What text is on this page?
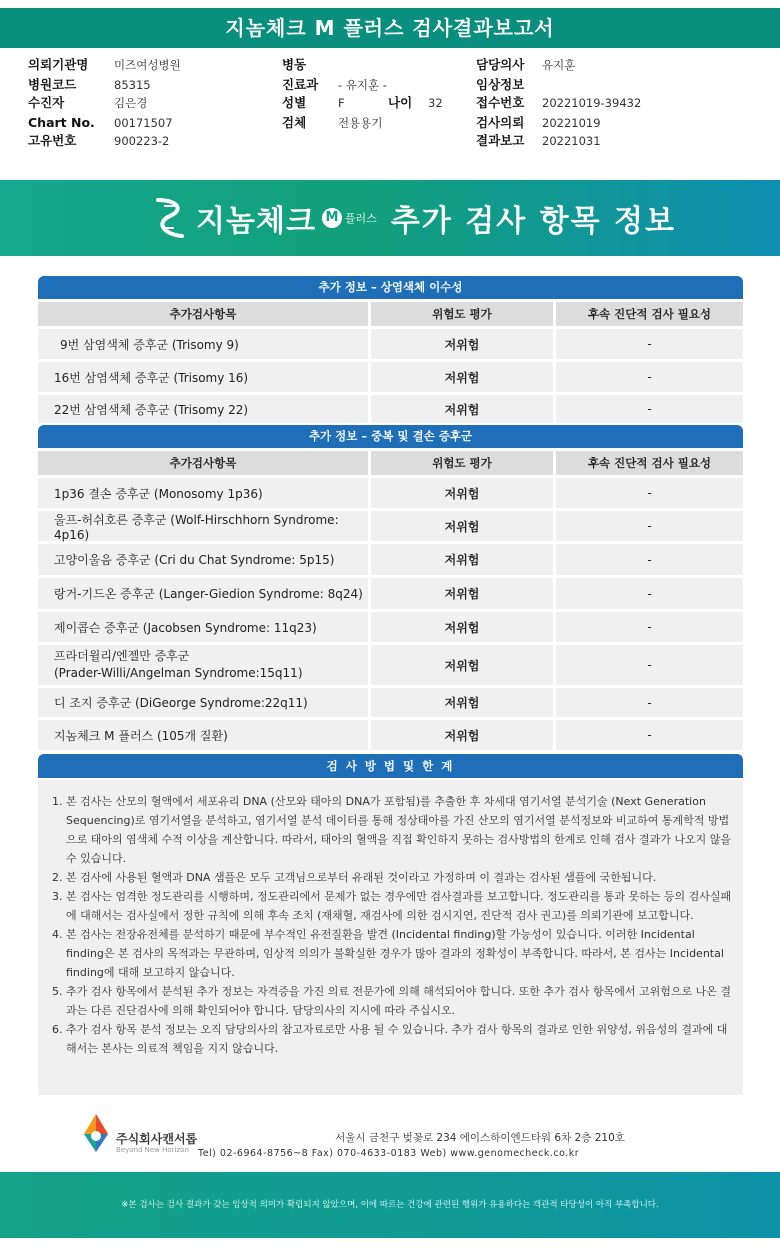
지놈체크 M 플러스 검사결과보고서
의뢰기관명 미즈여성병원
병원코드	85315
수진자	김은경
Chart No. 00171507
고유번호	900223-2
병동
진료과 - 유지훈 -
성별	F	나이 32
검체	전용용기
담당의사 유지훈
임상정보
접수번호 20221019-39432
검사의뢰 20221019
결과보고 20221031
지놈체크 M 플러스 추가 검사 항목 정보
추가 정보 – 상염색체 이수성
추가검사항목	위험도 평가	후속 진단적 검사 필요성
9번 삼염색체 증후군 (Trisomy 9)	저위험	-
16번 삼염색체 증후군 (Trisomy 16)	저위험	-
22번 삼염색체 증후군 (Trisomy 22)	저위험	-
추가 정보 – 중복 및 결손 증후군
추가검사항목	위험도 평가	후속 진단적 검사 필요성
1p36 결손 증후군 (Monosomy 1p36)	저위험	-
울프-허쉬호른 증후군 (Wolf-Hirschhorn Syndrome: 4p16)
저위험	-
고양이울음 증후군 (Cri du Chat Syndrome: 5p15)	저위험	-
랑거-기드온 증후군 (Langer-Giedion Syndrome: 8q24)	저위험	-
제이콥슨 증후군 (Jacobsen Syndrome: 11q23)	저위험	-
프라더윌리/엔젤만 증후군
(Prader-Willi/Angelman Syndrome:15q11)
저위험	-
디 조지 증후군 (DiGeorge Syndrome:22q11)	저위험	-
지놈체크 M 플러스 (105개 질환)	저위험	-
검 사 방 법 및 한 계
1. 본 검사는 산모의 혈액에서 세포유리 DNA (산모와 태아의 DNA가 포함됨)를 추출한 후 차세대 염기서열 분석기술 (Next Generation Sequencing)로 염기서열을 분석하고, 염기서열 분석 데이터를 통해 정상태아를 가진 산모의 염기서열 분석정보와 비교하여 통계학적 방법으로 태아의 염색체 수적 이상을 계산합니다. 따라서, 태아의 혈액을 직접 확인하지 못하는 검사방법의 한계로 인해 검사 결과가 나오지 않을 수 있습니다.
2. 본 검사에 사용된 혈액과 DNA 샘플은 모두 고객님으로부터 유래된 것이라고 가정하며 이 결과는 검사된 샘플에 국한됩니다.
3. 본 검사는 엄격한 정도관리를 시행하며, 정도관리에서 문제가 없는 경우에만 검사결과를 보고합니다. 정도관리를 통과 못하는 등의 검사실패에 대해서는 검사실에서 정한 규칙에 의해 후속 조치 (재채혈, 재검사에 의한 검시지연, 진단적 검사 권고)를 의뢰기관에 보고합니다.
4. 본 검사는 전장유전체를 분석하기 때문에 부수적인 유전질환을 발견 (Incidental finding)할 가능성이 있습니다. 이러한 Incidental finding은 본 검사의 목적과는 무관하며, 임상적 의의가 불확실한 경우가 많아 결과의 정확성이 부족합니다. 따라서, 본 검사는 Incidental finding에 대해 보고하지 않습니다.
5. 추가 검사 항목에서 분석된 추가 정보는 자격증을 가진 의료 전문가에 의해 해석되어야 합니다. 또한 추가 검사 항목에서 고위험으로 나온 결과는 다른 진단검사에 의해 확인되어야 합니다. 담당의사의 지시에 따라 주십시오.
6. 추가 검사 항목 분석 정보는 오직 담당의사의 참고자료로만 사용 될 수 있습니다. 추가 검사 항목의 결과로 인한 위양성, 위음성의 결과에 대해서는 본사는 의료적 책임을 지지 않습니다.
주식회사캔서롭
Beyond New Horizon
서울시 금천구 벚꽃로 234 에이스하이엔드타워 6차 2층 210호
Tel) 02-6964-8756~8 Fax) 070-4633-0183 Web) www.genomecheck.co.kr
※본 검사는 검사 결과가 갖는 임상적 의미가 확립되지 않았으며, 이에 따르는 건강에 관련된 행위가 유용하다는 객관적 타당성이 아직 부족합니다.
